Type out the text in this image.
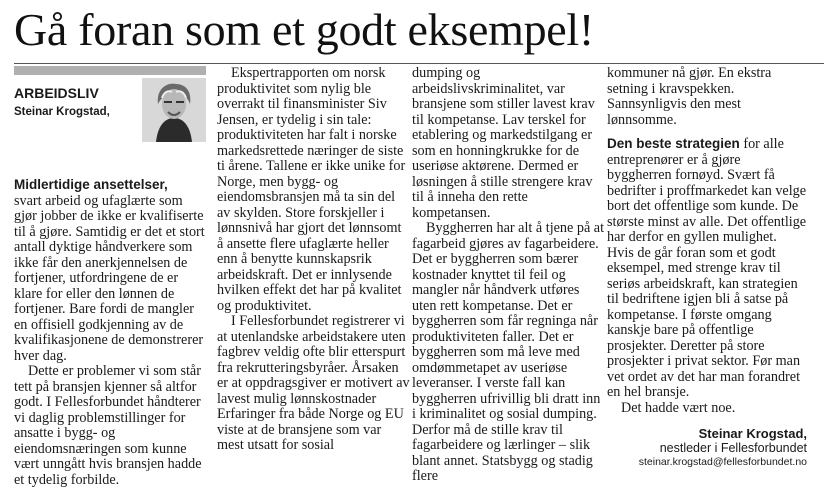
Gå foran som et godt eksempel!
ARBEIDSLIV
Steinar Krogstad,

Midlertidige ansettelser,
svart arbeid og ufaglærte som gjør jobber de ikke er kvalifiserte til å gjøre. Samtidig er det et stort antall dyktige håndverkere som ikke får den anerkjennelsen de fortjener, utfordringene de er klare for eller den lønnen de fortjener. Bare fordi de mangler en offisiell godkjenning av de kvalifikasjonene de demonstrerer hver dag.

Dette er problemer vi som står tett på bransjen kjenner så altfor godt. I Fellesforbundet håndterer vi daglig problemstillinger for ansatte i bygg- og eiendomsnæringen som kunne vært unngått hvis bransjen hadde et tydelig forbilde.

Ekspertrapporten om norsk produktivitet som nylig ble overrakt til finansminister Siv Jensen, er tydelig i sin tale: produktiviteten har falt i norske markedsrettede næringer de siste ti årene. Tallene er ikke unike for Norge, men bygg- og eiendomsbransjen må ta sin del av skylden. Store forskjeller i lønnsnivå har gjort det lønnsomt å ansette flere ufaglærte heller enn å benytte kunnskapsrik arbeidskraft. Det er innlysende hvilken effekt det har på kvalitet og produktivitet.

I Fellesforbundet registrerer vi at utenlandske arbeidstakere uten fagbrev veldig ofte blir etterspurt fra rekrutteringsbyråer. Årsaken er at oppdragsgiver er motivert av lavest mulig lønnskostnader Erfaringer fra både Norge og EU viste at de bransjene som var mest utsatt for sosial

dumping og arbeidslivskriminalitet, var bransjene som stiller lavest krav til kompetanse. Lav terskel for etablering og markedstilgang er som en honningkrukke for de useriøse aktørene. Dermed er løsningen å stille strengere krav til å inneha den rette kompetansen.

Byggherren har alt å tjene på at fagarbeid gjøres av fagarbeidere. Det er byggherren som bærer kostnader knyttet til feil og mangler når håndverk utføres uten rett kompetanse. Det er byggherren som får regninga når produktiviteten faller. Det er byggherren som må leve med omdømmetapet av useriøse leveranser. I verste fall kan byggherren ufrivillig bli dratt inn i kriminalitet og sosial dumping. Derfor må de stille krav til fagarbeidere og lærlinger – slik blant annet. Statsbygg og stadig flere

kommuner nå gjør. En ekstra setning i kravspekken. Sannsynligvis den mest lønnsomme.

Den beste strategien for alle entreprenører er å gjøre byggherren fornøyd. Svært få bedrifter i proffmarkedet kan velge bort det offentlige som kunde. De største minst av alle. Det offentlige har derfor en gyllen mulighet. Hvis de går foran som et godt eksempel, med strenge krav til seriøs arbeidskraft, kan strategien til bedriftene igjen bli å satse på kompetanse. I første omgang kanskje bare på offentlige prosjekter. Deretter på store prosjekter i privat sektor. Før man vet ordet av det har man forandret en hel bransje.

Det hadde vært noe.

Steinar Krogstad,
nestleder i Fellesforbundet
steinar.krogstad@fellesforbundet.no
